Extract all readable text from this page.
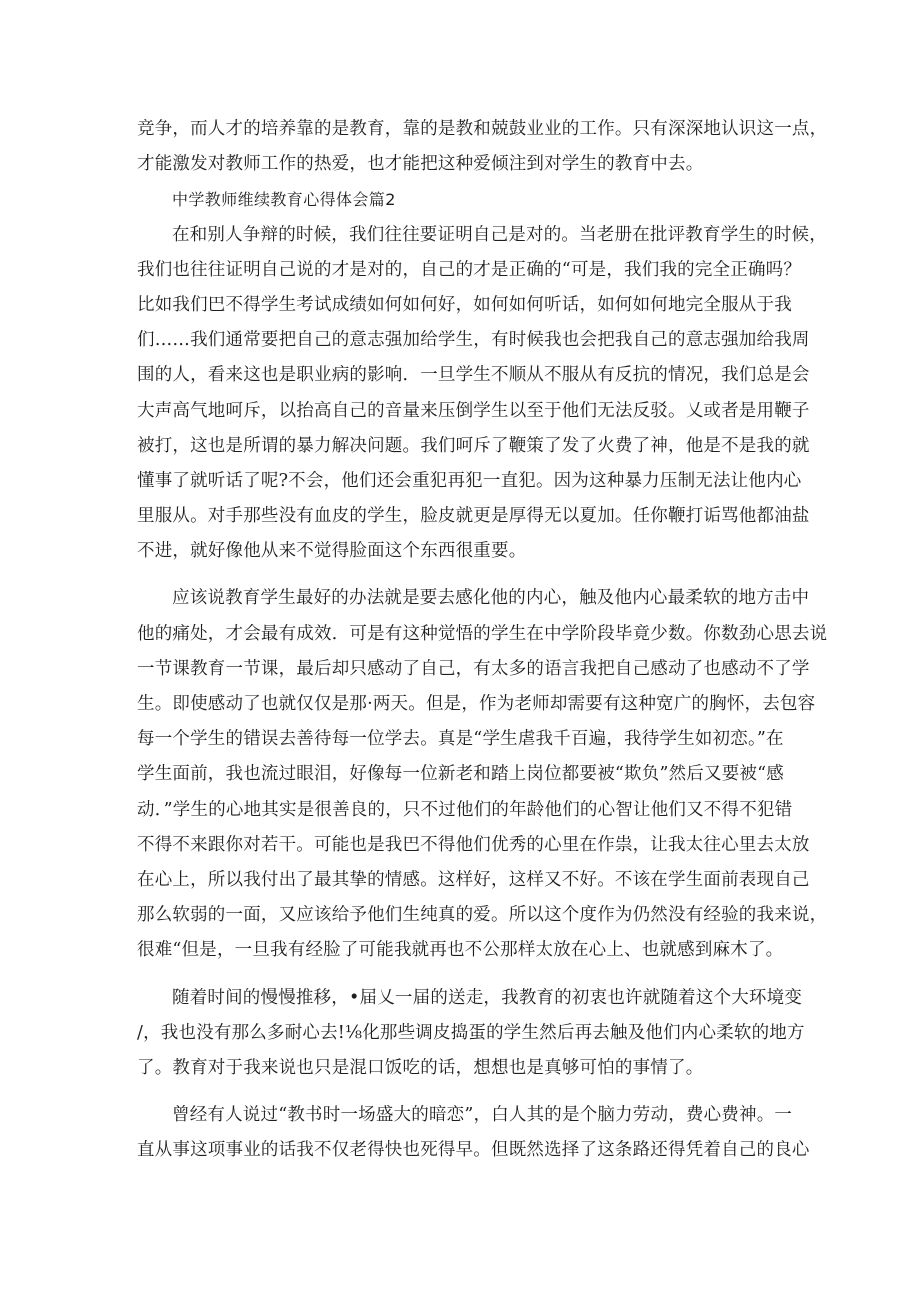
竞争，而人才的培养靠的是教育，靠的是教和兢鼓业业的工作。只有深深地认识这一点，
才能激发对教师工作的热爱，也才能把这种爱倾注到对学生的教育中去。
中学教师维续教育心得体会篇2
在和别人争辩的时候，我们往往要证明自己是对的。当老册在批评教育学生的时候，
我们也往往证明自己说的才是对的，自己的才是正确的“可是，我们我的完全正确吗？
比如我们巴不得学生考试成绩如何如何好，如何如何听话，如何如何地完全服从于我
们……我们通常要把自己的意志强加给学生，有时候我也会把我自己的意志强加给我周
围的人，看来这也是职业病的影响．一旦学生不顺从不服从有反抗的情况，我们总是会
大声高气地呵斥，以抬高自己的音量来压倒学生以至于他们无法反驳。乂或者是用鞭子
被打，这也是所谓的暴力解决问题。我们呵斥了鞭策了发了火费了神，他是不是我的就
懂事了就听话了呢?不会，他们还会重犯再犯一直犯。因为这种暴力压制无法让他内心
里服从。对手那些没有血皮的学生，脸皮就更是厚得无以夏加。任你鞭打诟骂他都油盐
不进，就好像他从来不觉得脸面这个东西很重要。
应该说教育学生最好的办法就是要去感化他的内心，触及他内心最柔软的地方击中
他的痛处，才会最有成效．可是有这种觉悟的学生在中学阶段毕竟少数。你数劲心思去说
一节课教育一节课，最后却只感动了自己，有太多的语言我把自己感动了也感动不了学
生。即使感动了也就仅仅是那·两天。但是，作为老师却需要有这种宽广的胸怀，去包容
每一个学生的错误去善待每一位学去。真是“学生虐我千百遍，我待学生如初恋。”在
学生面前，我也流过眼泪，好像每一位新老和踏上岗位都要被“欺负”然后又要被“感
动．”学生的心地其实是很善良的，只不过他们的年龄他们的心智让他们又不得不犯错
不得不来跟你对若干。可能也是我巴不得他们优秀的心里在作祟，让我太往心里去太放
在心上，所以我付出了最其挚的情感。这样好，这样又不好。不该在学生面前表现自己
那么软弱的一面，又应该给予他们生纯真的爱。所以这个度作为仍然没有经验的我来说，
很难“但是，一旦我有经脸了可能我就再也不公那样太放在心上、也就感到麻木了。
随着时间的慢慢推移，•届乂一届的送走，我教育的初衷也许就随着这个大环境变
/，我也没有那么多耐心去!⅛化那些调皮捣蛋的学生然后再去触及他们内心柔软的地方
了。教育对于我来说也只是混口饭吃的话，想想也是真够可怕的事情了。
曾经有人说过“教书时一场盛大的暗恋”，白人其的是个脑力劳动，费心费神。一
直从事这项事业的话我不仅老得快也死得早。但既然选择了这条路还得凭着自己的良心
